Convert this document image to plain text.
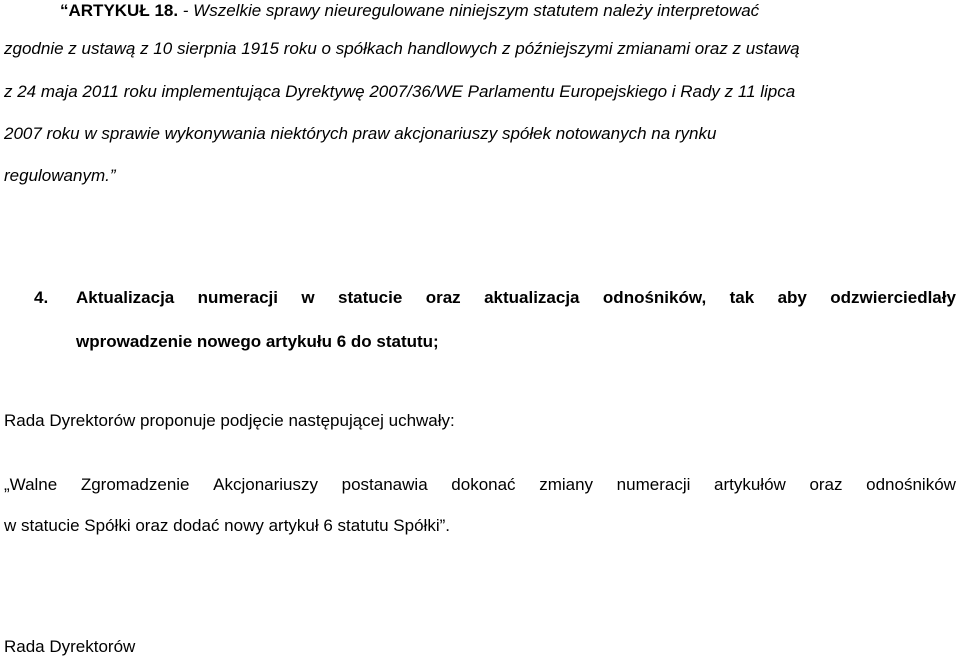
“ARTYKUŁ 18. - Wszelkie sprawy nieuregulowane niniejszym statutem należy interpretować
zgodnie z ustawą z 10 sierpnia 1915 roku o spółkach handlowych z późniejszymi zmianami oraz z ustawą
z 24 maja 2011 roku implementująca Dyrektywę 2007/36/WE Parlamentu Europejskiego i Rady z 11 lipca
2007 roku w sprawie wykonywania niektórych praw akcjonariuszy spółek notowanych na rynku
regulowanym.”
4. Aktualizacja numeracji w statucie oraz aktualizacja odnośników, tak aby odzwierciedlały
wprowadzenie nowego artykułu 6 do statutu;
Rada Dyrektorów proponuje podjęcie następującej uchwały:
„Walne Zgromadzenie Akcjonariuszy postanawia dokonać zmiany numeracji artykułów oraz odnośników
w statucie Spółki oraz dodać nowy artykuł 6 statutu Spółki”.
Rada Dyrektorów
